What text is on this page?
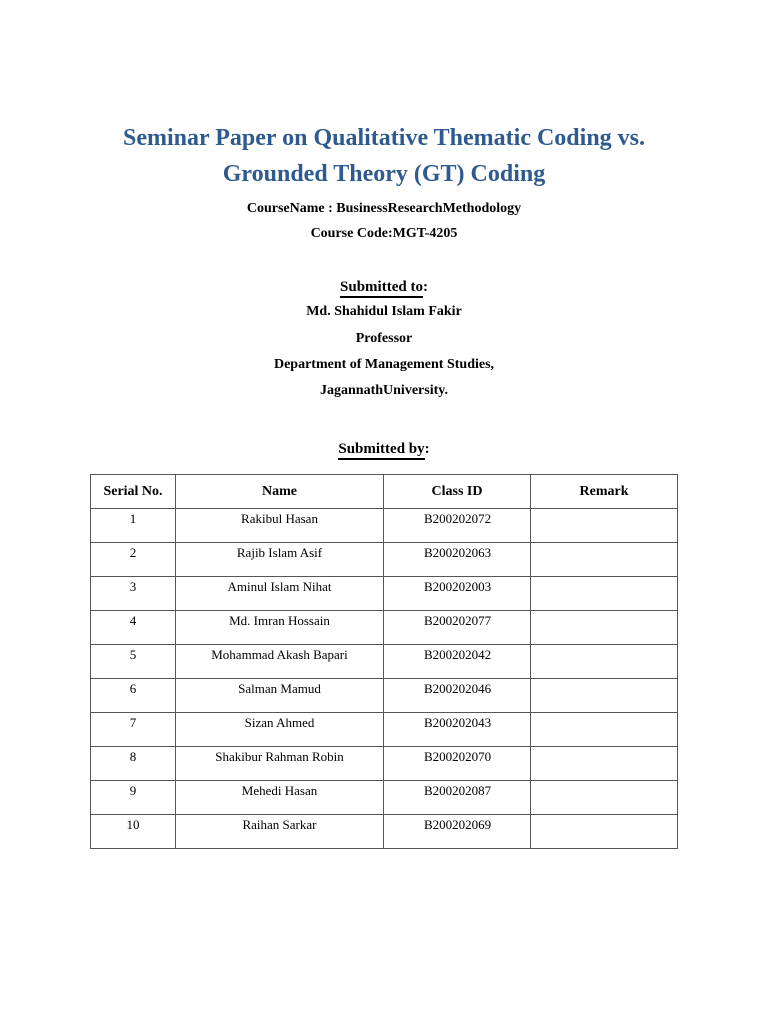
Seminar Paper on Qualitative Thematic Coding vs.
Grounded Theory (GT) Coding
CourseName : BusinessResearchMethodology
Course Code:MGT-4205
Submitted to:
Md. Shahidul Islam Fakir
Professor
Department of Management Studies,
JagannathUniversity.
Submitted by:
Serial No.	Name	Class ID	Remark
1	Rakibul Hasan	B200202072	
2	Rajib Islam Asif	B200202063	
3	Aminul Islam Nihat	B200202003	
4	Md. Imran Hossain	B200202077	
5	Mohammad Akash Bapari	B200202042	
6	Salman Mamud	B200202046	
7	Sizan Ahmed	B200202043	
8	Shakibur Rahman Robin	B200202070	
9	Mehedi Hasan	B200202087	
10	Raihan Sarkar	B200202069	
